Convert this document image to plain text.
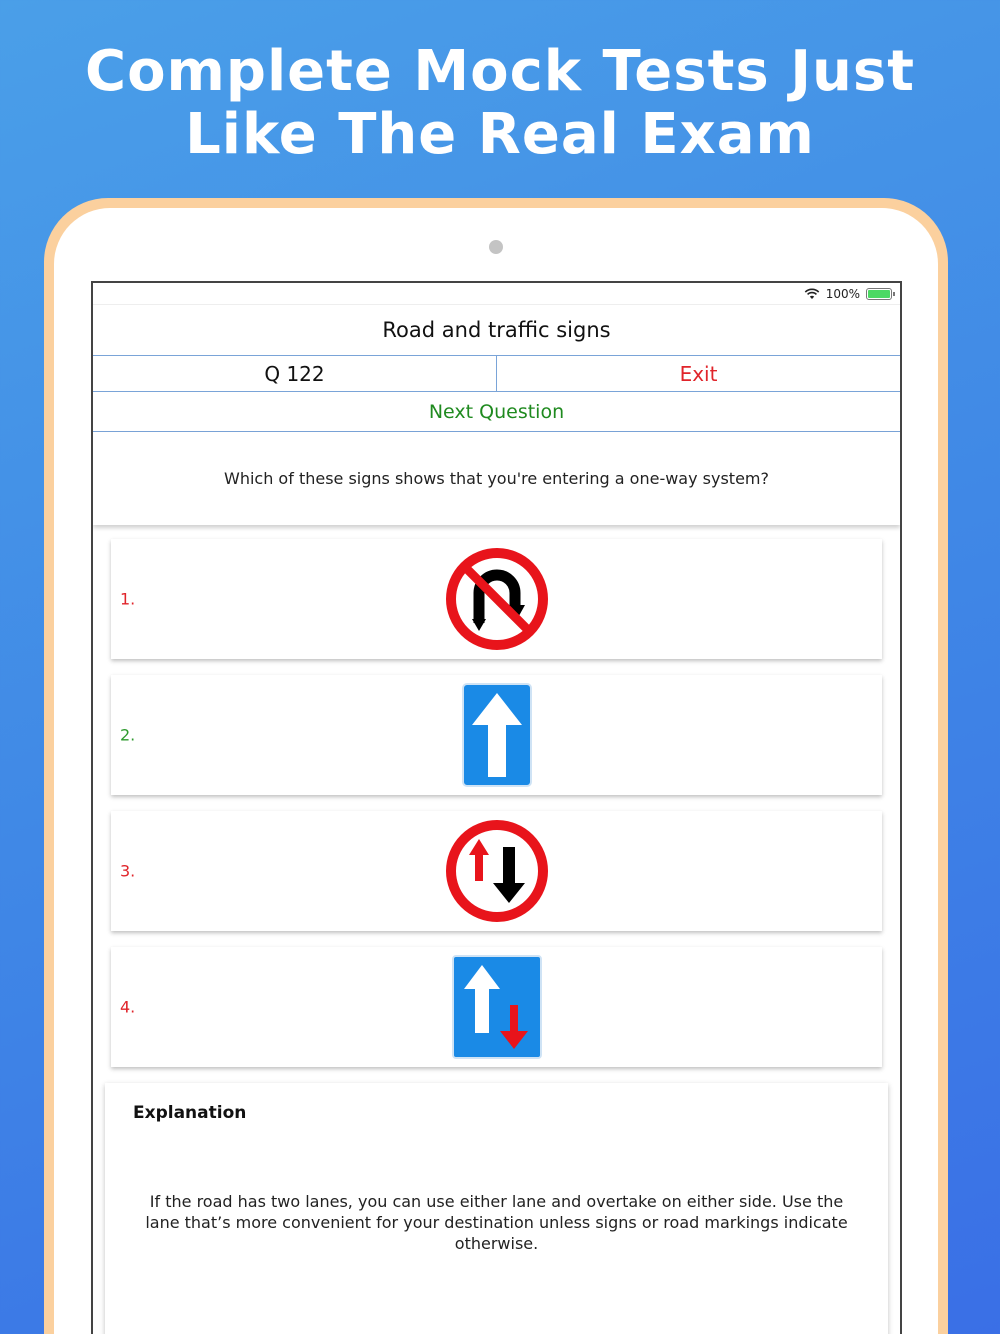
Complete Mock Tests Just
Like The Real Exam
100%
Road and traffic signs
Q 122	Exit
Next Question
Which of these signs shows that you're entering a one-way system?
1.
2.
3.
4.
Explanation
If the road has two lanes, you can use either lane and overtake on either side. Use the lane that’s more convenient for your destination unless signs or road markings indicate otherwise.
